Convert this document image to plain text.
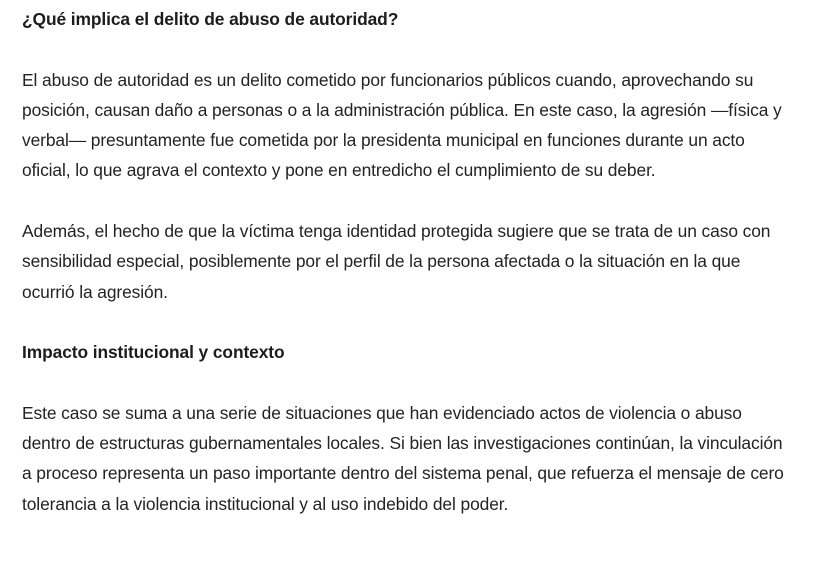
¿Qué implica el delito de abuso de autoridad?

El abuso de autoridad es un delito cometido por funcionarios públicos cuando, aprovechando su posición, causan daño a personas o a la administración pública. En este caso, la agresión —física y verbal— presuntamente fue cometida por la presidenta municipal en funciones durante un acto oficial, lo que agrava el contexto y pone en entredicho el cumplimiento de su deber.

Además, el hecho de que la víctima tenga identidad protegida sugiere que se trata de un caso con sensibilidad especial, posiblemente por el perfil de la persona afectada o la situación en la que ocurrió la agresión.

Impacto institucional y contexto

Este caso se suma a una serie de situaciones que han evidenciado actos de violencia o abuso dentro de estructuras gubernamentales locales. Si bien las investigaciones continúan, la vinculación a proceso representa un paso importante dentro del sistema penal, que refuerza el mensaje de cero tolerancia a la violencia institucional y al uso indebido del poder.
